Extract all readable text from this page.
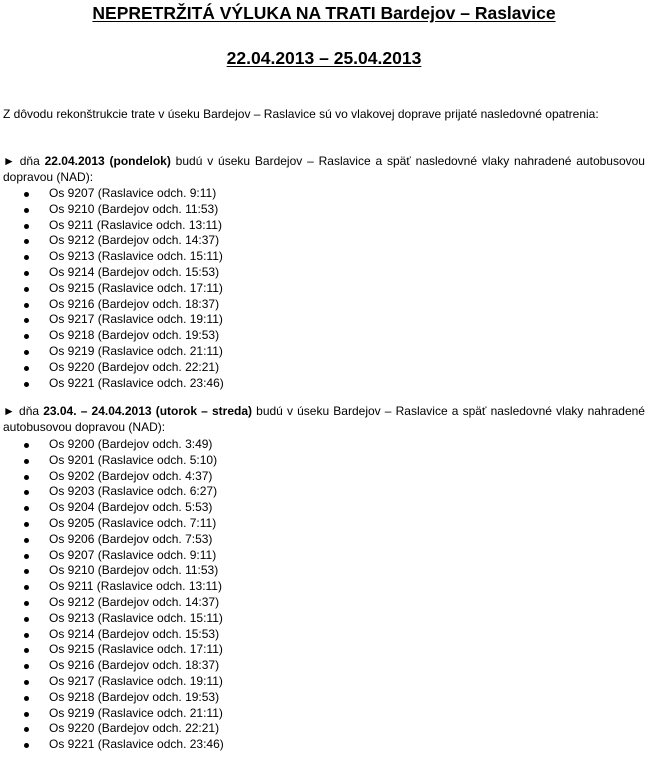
NEPRETRŽITÁ VÝLUKA NA TRATI Bardejov – Raslavice
22.04.2013 – 25.04.2013
Z dôvodu rekonštrukcie trate v úseku Bardejov – Raslavice sú vo vlakovej doprave prijaté nasledovné opatrenia:
► dňa 22.04.2013 (pondelok) budú v úseku Bardejov – Raslavice a späť nasledovné vlaky nahradené autobusovou dopravou (NAD):
Os 9207 (Raslavice odch. 9:11)
Os 9210 (Bardejov odch. 11:53)
Os 9211 (Raslavice odch. 13:11)
Os 9212 (Bardejov odch. 14:37)
Os 9213 (Raslavice odch. 15:11)
Os 9214 (Bardejov odch. 15:53)
Os 9215 (Raslavice odch. 17:11)
Os 9216 (Bardejov odch. 18:37)
Os 9217 (Raslavice odch. 19:11)
Os 9218 (Bardejov odch. 19:53)
Os 9219 (Raslavice odch. 21:11)
Os 9220 (Bardejov odch. 22:21)
Os 9221 (Raslavice odch. 23:46)
► dňa 23.04. – 24.04.2013 (utorok – streda) budú v úseku Bardejov – Raslavice a späť nasledovné vlaky nahradené autobusovou dopravou (NAD):
Os 9200 (Bardejov odch. 3:49)
Os 9201 (Raslavice odch. 5:10)
Os 9202 (Bardejov odch. 4:37)
Os 9203 (Raslavice odch. 6:27)
Os 9204 (Bardejov odch. 5:53)
Os 9205 (Raslavice odch. 7:11)
Os 9206 (Bardejov odch. 7:53)
Os 9207 (Raslavice odch. 9:11)
Os 9210 (Bardejov odch. 11:53)
Os 9211 (Raslavice odch. 13:11)
Os 9212 (Bardejov odch. 14:37)
Os 9213 (Raslavice odch. 15:11)
Os 9214 (Bardejov odch. 15:53)
Os 9215 (Raslavice odch. 17:11)
Os 9216 (Bardejov odch. 18:37)
Os 9217 (Raslavice odch. 19:11)
Os 9218 (Bardejov odch. 19:53)
Os 9219 (Raslavice odch. 21:11)
Os 9220 (Bardejov odch. 22:21)
Os 9221 (Raslavice odch. 23:46)
